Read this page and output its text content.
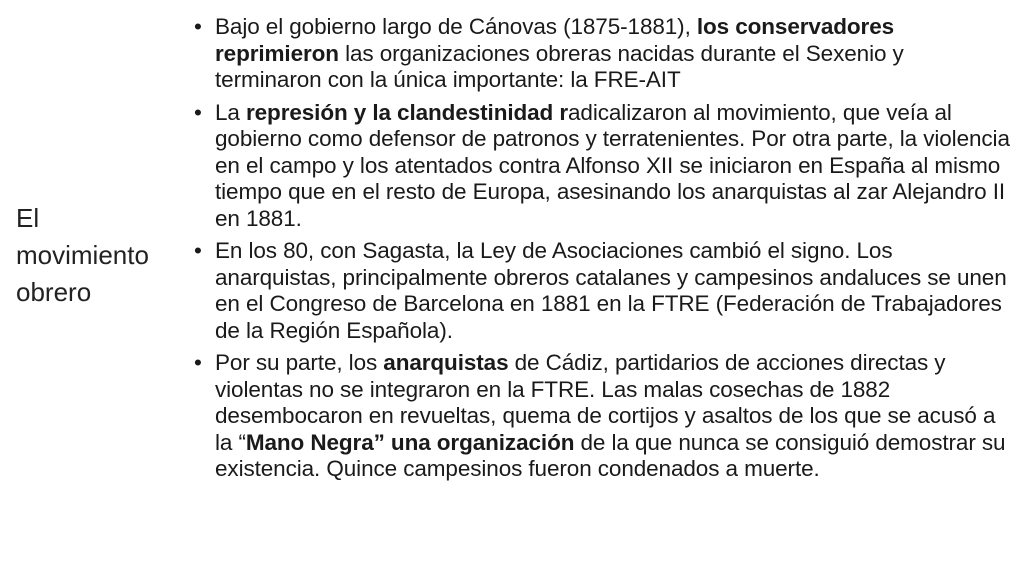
El
movimiento
obrero
• Bajo el gobierno largo de Cánovas (1875-1881), los conservadores reprimieron las organizaciones obreras nacidas durante el Sexenio y terminaron con la única importante: la FRE-AIT
• La represión y la clandestinidad radicalizaron al movimiento, que veía al gobierno como defensor de patronos y terratenientes. Por otra parte, la violencia en el campo y los atentados contra Alfonso XII se iniciaron en España al mismo tiempo que en el resto de Europa, asesinando los anarquistas al zar Alejandro II en 1881.
• En los 80, con Sagasta, la Ley de Asociaciones cambió el signo. Los anarquistas, principalmente obreros catalanes y campesinos andaluces se unen en el Congreso de Barcelona en 1881 en la FTRE (Federación de Trabajadores de la Región Española).
• Por su parte, los anarquistas de Cádiz, partidarios de acciones directas y violentas no se integraron en la FTRE. Las malas cosechas de 1882 desembocaron en revueltas, quema de cortijos y asaltos de los que se acusó a la “Mano Negra” una organización de la que nunca se consiguió demostrar su existencia. Quince campesinos fueron condenados a muerte.
